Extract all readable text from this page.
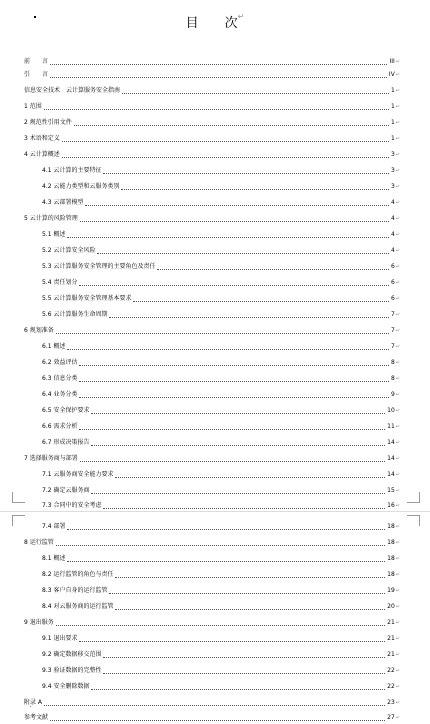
目　　次↵
前　　言	III ↵
引　　言	IV ↵
信息安全技术　云计算服务安全指南	1 ↵
1 范围	1 ↵
2 规范性引用文件	1 ↵
3 术语和定义	1 ↵
4 云计算概述	3 ↵
4.1 云计算的主要特征	3 ↵
4.2 云能力类型和云服务类别	3 ↵
4.3 云部署模型	4 ↵
5 云计算的风险管理	4 ↵
5.1 概述	4 ↵
5.2 云计算安全风险	4 ↵
5.3 云计算服务安全管理的主要角色及责任	6 ↵
5.4 责任划分	6 ↵
5.5 云计算服务安全管理基本要求	6 ↵
5.6 云计算服务生命周期	7 ↵
6 规划准备	7 ↵
6.1 概述	7 ↵
6.2 效益评估	8 ↵
6.3 信息分类	8 ↵
6.4 业务分类	9 ↵
6.5 安全保护要求	10 ↵
6.6 需求分析	11 ↵
6.7 形成决策报告	14 ↵
7 选择服务商与部署	14 ↵
7.1 云服务商安全能力要求	14 ↵
7.2 确定云服务商	15 ↵
7.3 合同中的安全考虑	16 ↵
7.4 部署	18 ↵
8 运行监管	18 ↵
8.1 概述	18 ↵
8.2 运行监管的角色与责任	18 ↵
8.3 客户自身的运行监管	19 ↵
8.4 对云服务商的运行监管	20 ↵
9 退出服务	21 ↵
9.1 退出要求	21 ↵
9.2 确定数据移交范围	21 ↵
9.3 验证数据的完整性	22 ↵
9.4 安全删除数据	22 ↵
附录 A	23 ↵
参考文献	27 ↵
